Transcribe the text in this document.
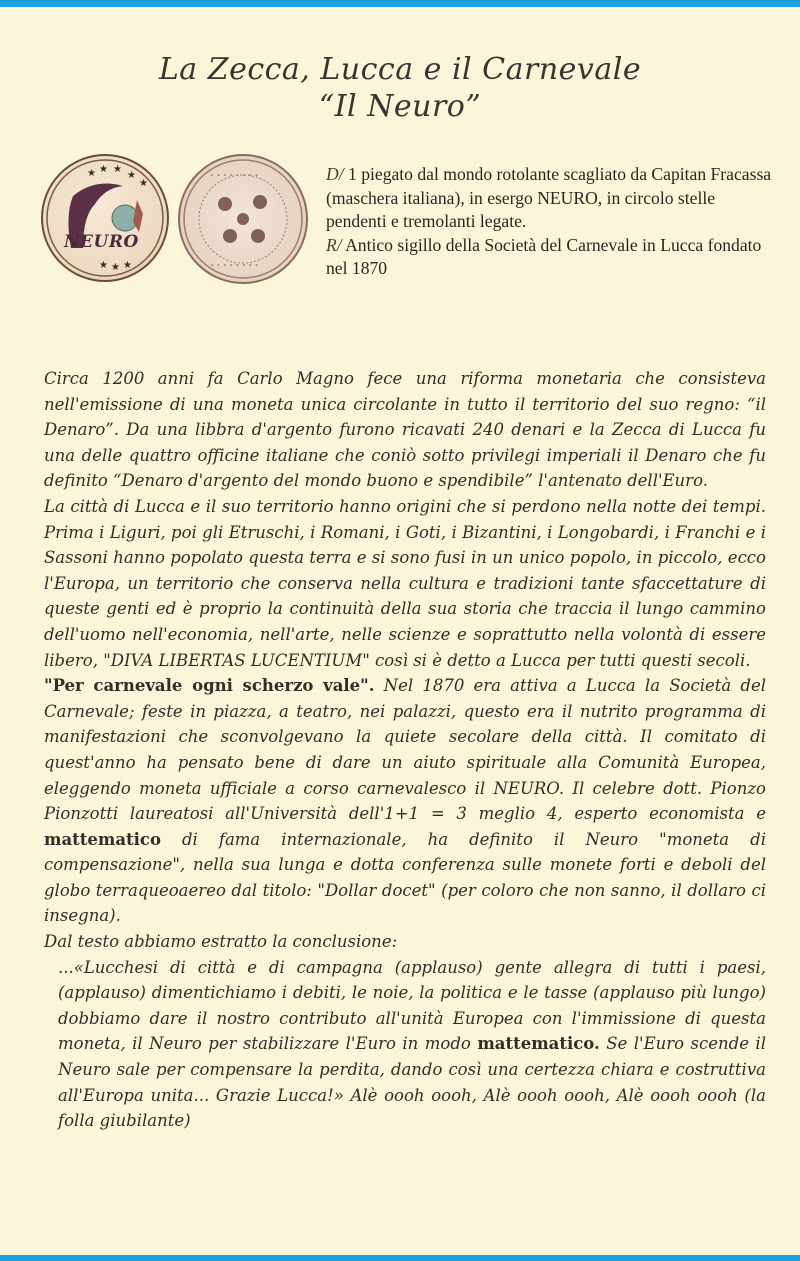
La Zecca, Lucca e il Carnevale
“Il Neuro”
★ ★ ★
★
★
★ ★ ★
NEURO
• • • • • • • •
• • • • • • • •
D/ 1 piegato dal mondo rotolante scagliato da Capitan Fracassa (maschera italiana), in esergo NEURO, in circolo stelle pendenti e tremolanti legate.
R/ Antico sigillo della Società del Carnevale in Lucca fondato nel 1870

Circa 1200 anni fa Carlo Magno fece una riforma monetaria che consisteva nell'emissione di una moneta unica circolante in tutto il territorio del suo regno: “il Denaro”. Da una libbra d'argento furono ricavati 240 denari e la Zecca di Lucca fu una delle quattro officine italiane che coniò sotto privilegi imperiali il Denaro che fu definito “Denaro d'argento del mondo buono e spendibile” l'antenato dell'Euro.

La città di Lucca e il suo territorio hanno origini che si perdono nella notte dei tempi. Prima i Liguri, poi gli Etruschi, i Romani, i Goti, i Bizantini, i Longobardi, i Franchi e i Sassoni hanno popolato questa terra e si sono fusi in un unico popolo, in piccolo, ecco l'Europa, un territorio che conserva nella cultura e tradizioni tante sfaccettature di queste genti ed è proprio la continuità della sua storia che traccia il lungo cammino dell'uomo nell'economia, nell'arte, nelle scienze e soprattutto nella volontà di essere libero, "DIVA LIBERTAS LUCENTIUM" così si è detto a Lucca per tutti questi secoli.

"Per carnevale ogni scherzo vale". Nel 1870 era attiva a Lucca la Società del Carnevale; feste in piazza, a teatro, nei palazzi, questo era il nutrito programma di manifestazioni che sconvolgevano la quiete secolare della città. Il comitato di quest'anno ha pensato bene di dare un aiuto spirituale alla Comunità Europea, eleggendo moneta ufficiale a corso carnevalesco il NEURO. Il celebre dott. Pionzo Pionzotti laureatosi all'Università dell'1+1 = 3 meglio 4, esperto economista e mattematico di fama internazionale, ha definito il Neuro "moneta di compensazione", nella sua lunga e dotta conferenza sulle monete forti e deboli del globo terraqueoaereo dal titolo: "Dollar docet" (per coloro che non sanno, il dollaro ci insegna).

Dal testo abbiamo estratto la conclusione:

...«Lucchesi di città e di campagna (applauso) gente allegra di tutti i paesi, (applauso) dimentichiamo i debiti, le noie, la politica e le tasse (applauso più lungo) dobbiamo dare il nostro contributo all'unità Europea con l'immissione di questa moneta, il Neuro per stabilizzare l'Euro in modo mattematico. Se l'Euro scende il Neuro sale per compensare la perdita, dando così una certezza chiara e costruttiva all'Europa unita... Grazie Lucca!» Alè oooh oooh, Alè oooh oooh, Alè oooh oooh (la folla giubilante)
